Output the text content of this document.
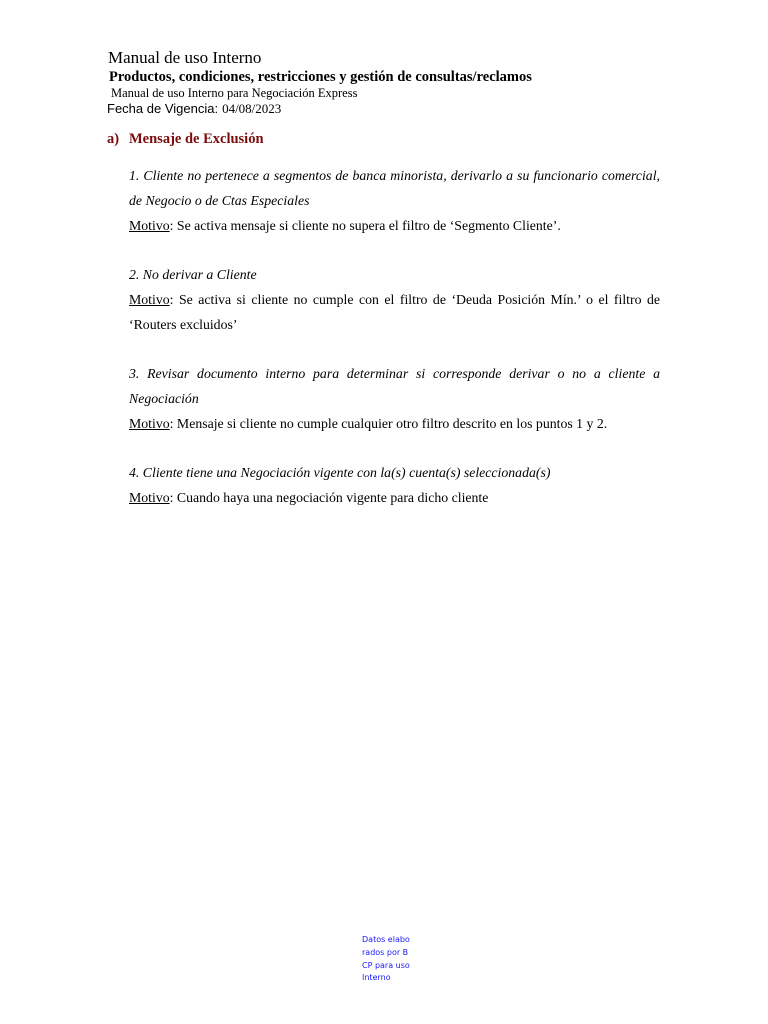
Manual de uso Interno
Productos, condiciones, restricciones y gestión de consultas/reclamos
Manual de uso Interno para Negociación Express
Fecha de Vigencia: 04/08/2023
a) Mensaje de Exclusión

1. Cliente no pertenece a segmentos de banca minorista, derivarlo a su funcionario comercial, de Negocio o de Ctas Especiales

Motivo: Se activa mensaje si cliente no supera el filtro de ‘Segmento Cliente’.

2. No derivar a Cliente

Motivo: Se activa si cliente no cumple con el filtro de ‘Deuda Posición Mín.’ o el filtro de ‘Routers excluidos’

3. Revisar documento interno para determinar si corresponde derivar o no a cliente a Negociación

Motivo: Mensaje si cliente no cumple cualquier otro filtro descrito en los puntos 1 y 2.

4. Cliente tiene una Negociación vigente con la(s) cuenta(s) seleccionada(s)

Motivo: Cuando haya una negociación vigente para dicho cliente

Datos elaborados por BCP para uso Interno
